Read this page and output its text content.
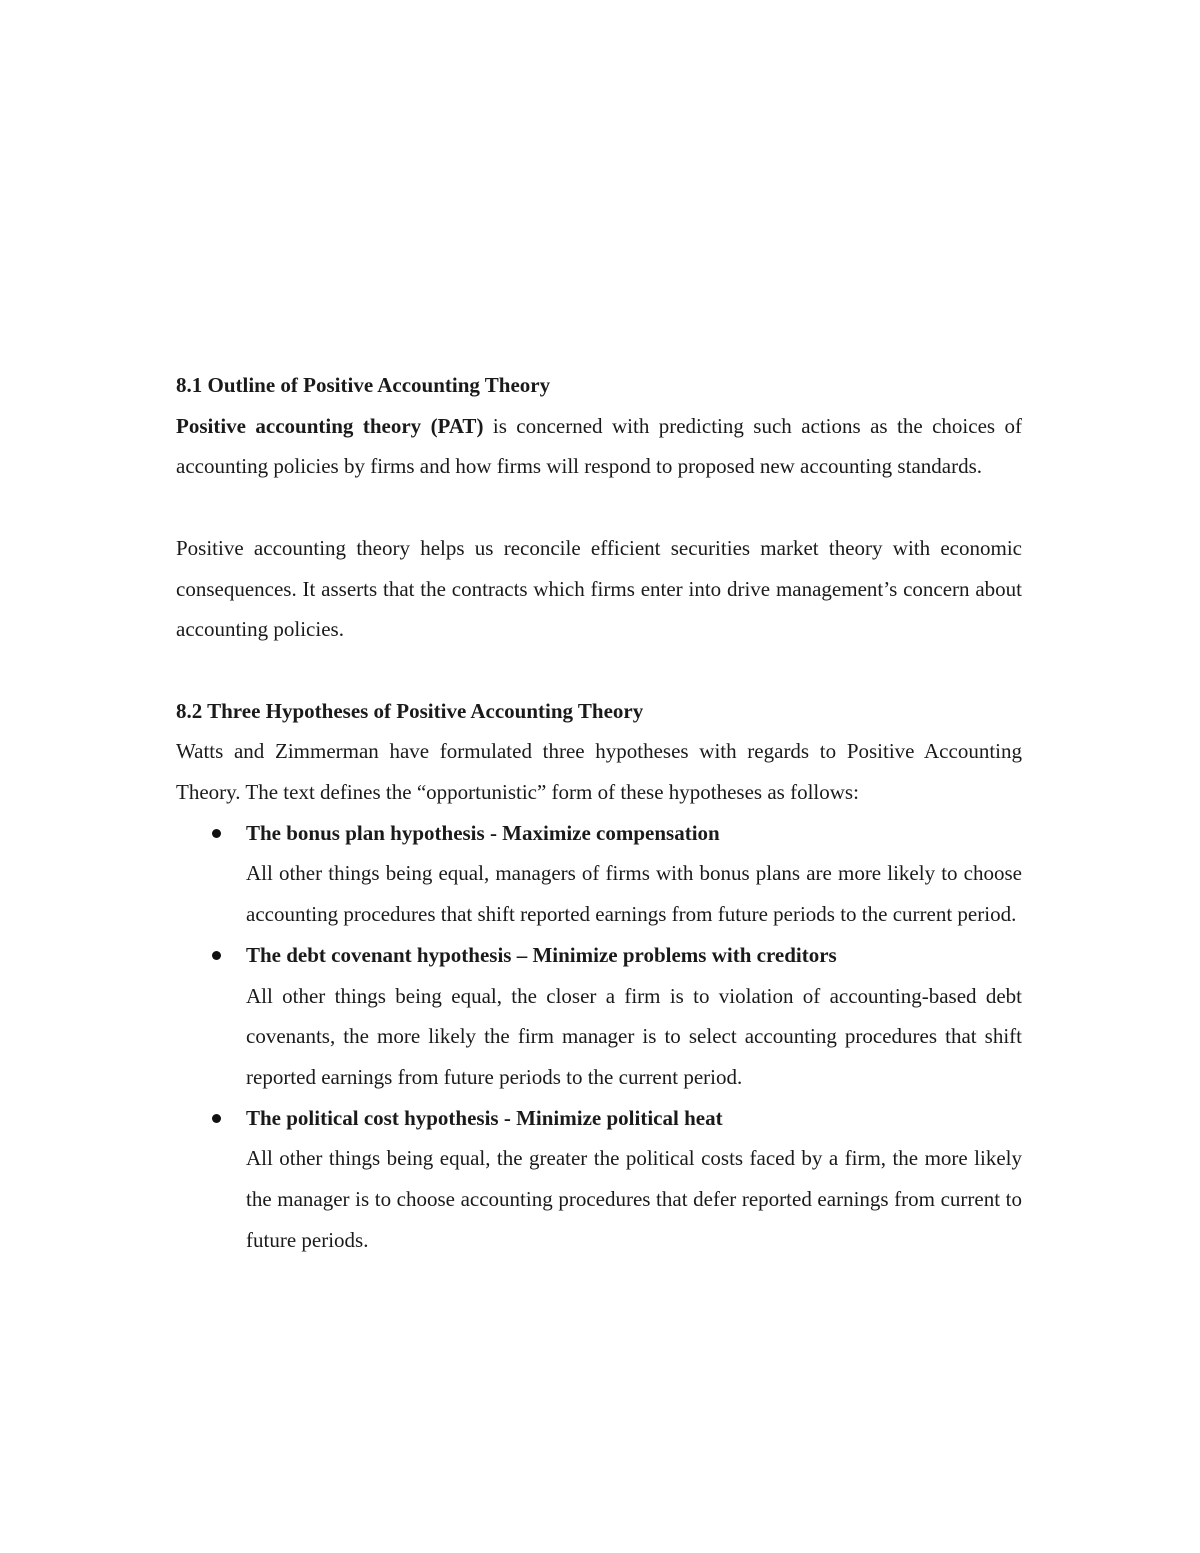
8.1 Outline of Positive Accounting Theory

Positive accounting theory (PAT) is concerned with predicting such actions as the choices of accounting policies by firms and how firms will respond to proposed new accounting standards.

Positive accounting theory helps us reconcile efficient securities market theory with economic consequences. It asserts that the contracts which firms enter into drive management’s concern about accounting policies.

8.2 Three Hypotheses of Positive Accounting Theory

Watts and Zimmerman have formulated three hypotheses with regards to Positive Accounting Theory. The text defines the “opportunistic” form of these hypotheses as follows:

The bonus plan hypothesis - Maximize compensation

All other things being equal, managers of firms with bonus plans are more likely to choose accounting procedures that shift reported earnings from future periods to the current period.

The debt covenant hypothesis – Minimize problems with creditors

All other things being equal, the closer a firm is to violation of accounting-based debt covenants, the more likely the firm manager is to select accounting procedures that shift reported earnings from future periods to the current period.

The political cost hypothesis - Minimize political heat

All other things being equal, the greater the political costs faced by a firm, the more likely the manager is to choose accounting procedures that defer reported earnings from current to future periods.
